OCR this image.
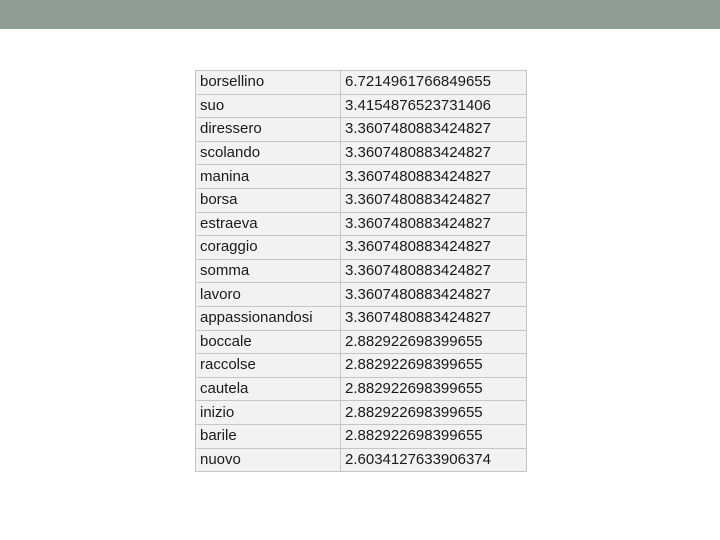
borsellino	6.7214961766849655
suo	3.4154876523731406
diressero	3.3607480883424827
scolando	3.3607480883424827
manina	3.3607480883424827
borsa	3.3607480883424827
estraeva	3.3607480883424827
coraggio	3.3607480883424827
somma	3.3607480883424827
lavoro	3.3607480883424827
appassionandosi	3.3607480883424827
boccale	2.882922698399655
raccolse	2.882922698399655
cautela	2.882922698399655
inizio	2.882922698399655
barile	2.882922698399655
nuovo	2.6034127633906374
